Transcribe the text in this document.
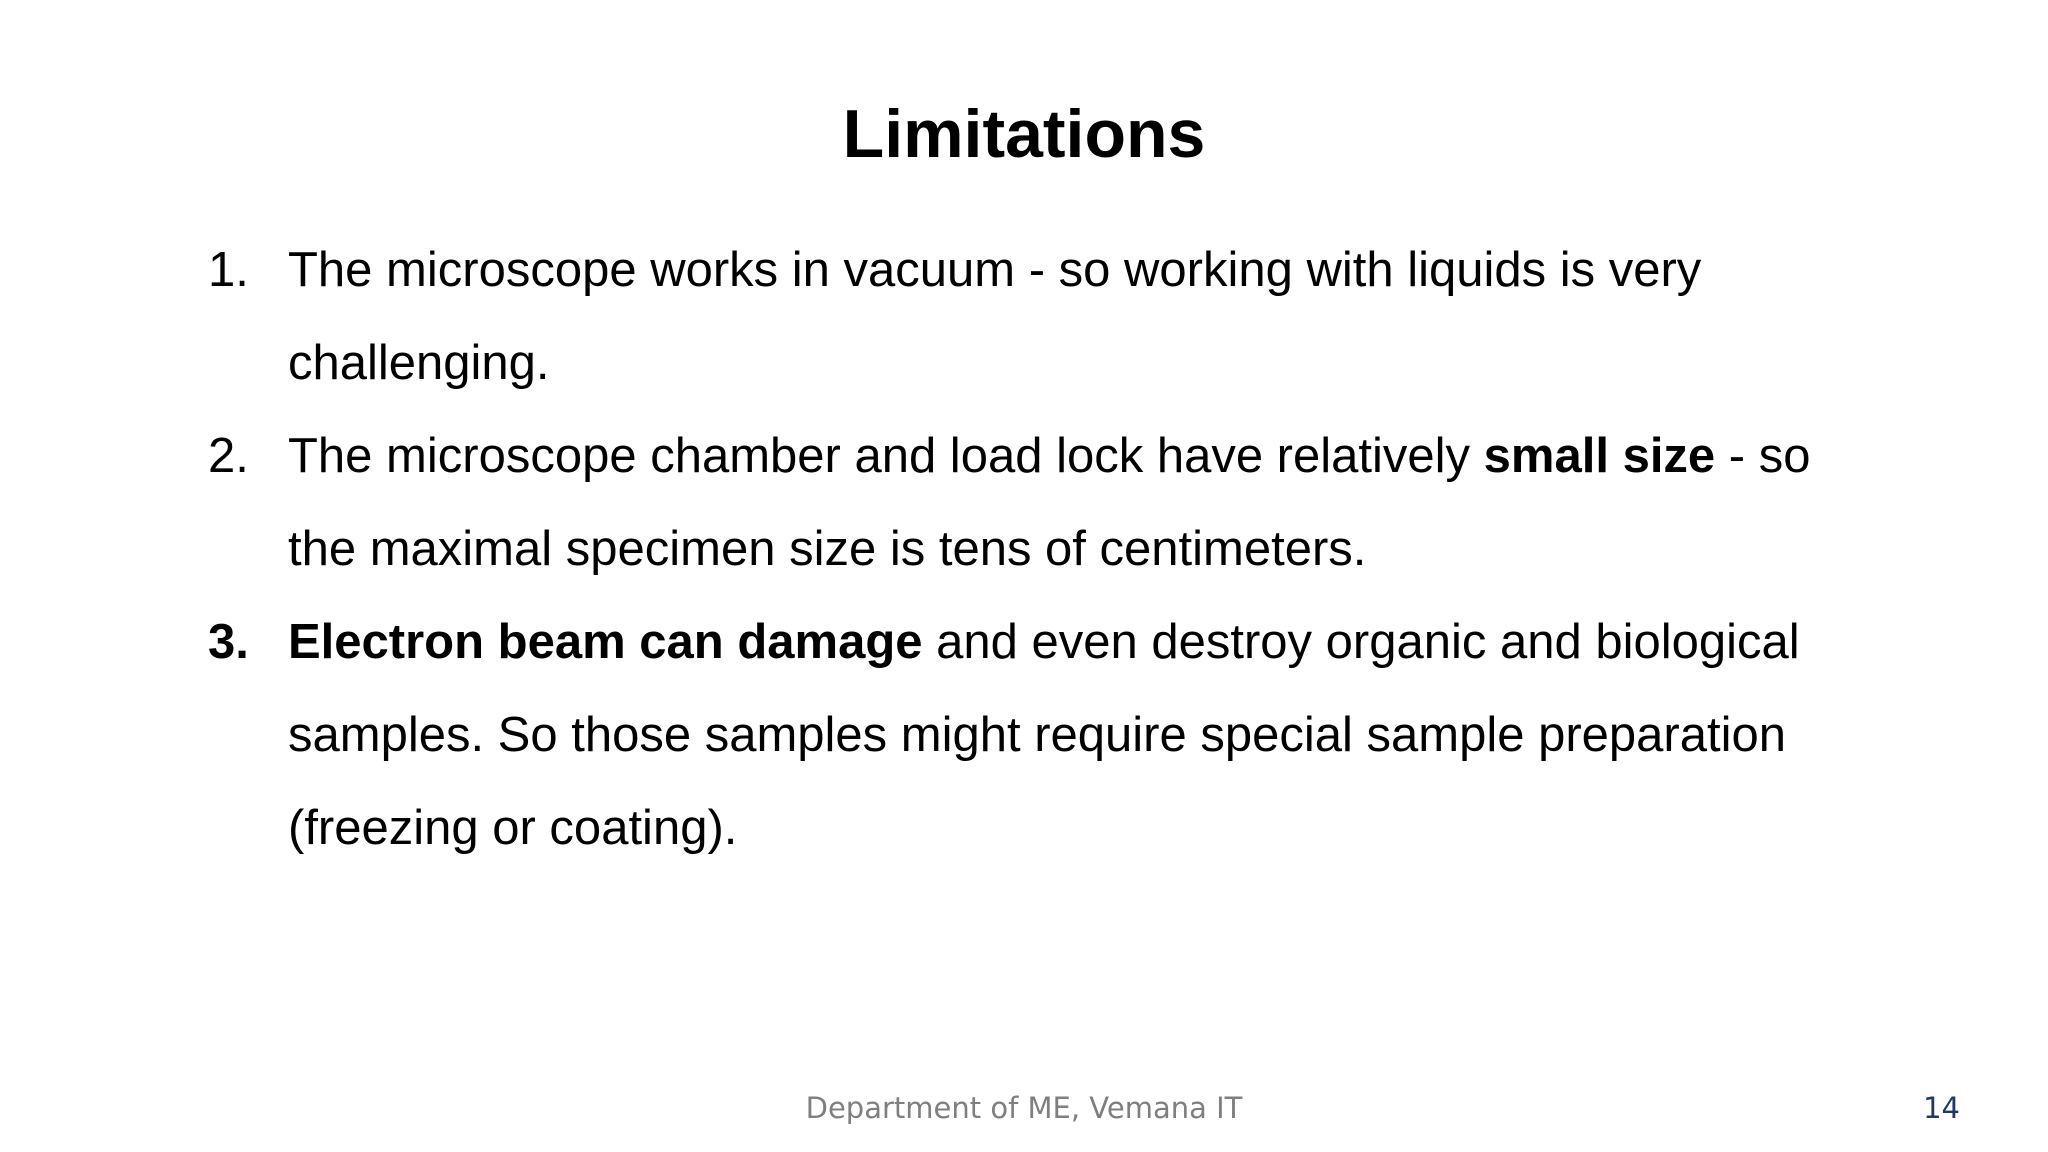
Limitations
1. The microscope works in vacuum - so working with liquids is very challenging.
2. The microscope chamber and load lock have relatively small size - so the maximal specimen size is tens of centimeters.
3. Electron beam can damage and even destroy organic and biological samples. So those samples might require special sample preparation (freezing or coating).
Department of ME, Vemana IT	14
